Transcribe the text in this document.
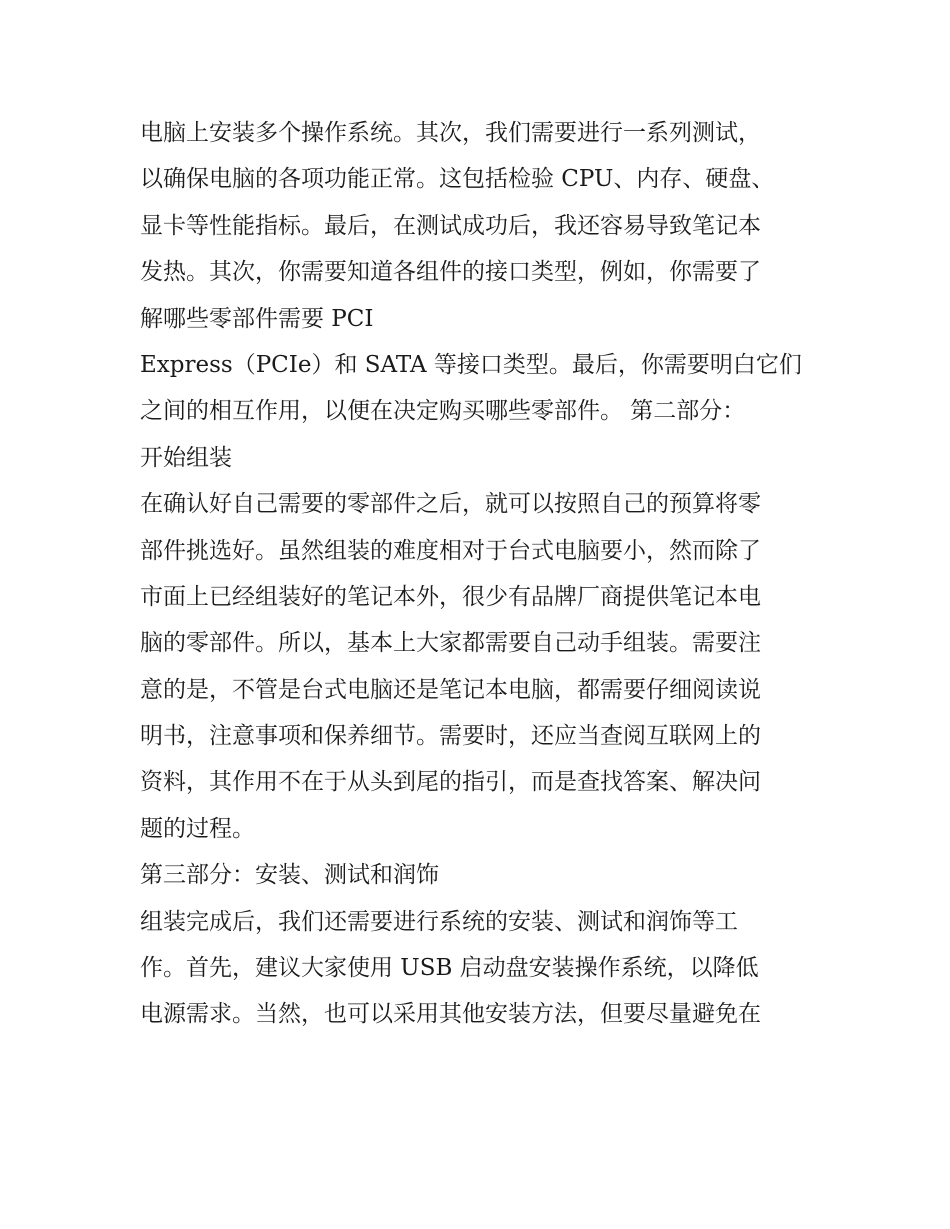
电脑上安装多个操作系统。其次，我们需要进行一系列测试，
以确保电脑的各项功能正常。这包括检验 CPU、内存、硬盘、
显卡等性能指标。最后，在测试成功后，我还容易导致笔记本
发热。其次，你需要知道各组件的接口类型，例如，你需要了
解哪些零部件需要 PCI
Express（PCIe）和 SATA 等接口类型。最后，你需要明白它们
之间的相互作用，以便在决定购买哪些零部件。 第二部分：
开始组装
在确认好自己需要的零部件之后，就可以按照自己的预算将零
部件挑选好。虽然组装的难度相对于台式电脑要小，然而除了
市面上已经组装好的笔记本外，很少有品牌厂商提供笔记本电
脑的零部件。所以，基本上大家都需要自己动手组装。需要注
意的是，不管是台式电脑还是笔记本电脑，都需要仔细阅读说
明书，注意事项和保养细节。需要时，还应当查阅互联网上的
资料，其作用不在于从头到尾的指引，而是查找答案、解决问
题的过程。
第三部分：安装、测试和润饰
组装完成后，我们还需要进行系统的安装、测试和润饰等工
作。首先，建议大家使用 USB 启动盘安装操作系统，以降低
电源需求。当然，也可以采用其他安装方法，但要尽量避免在
